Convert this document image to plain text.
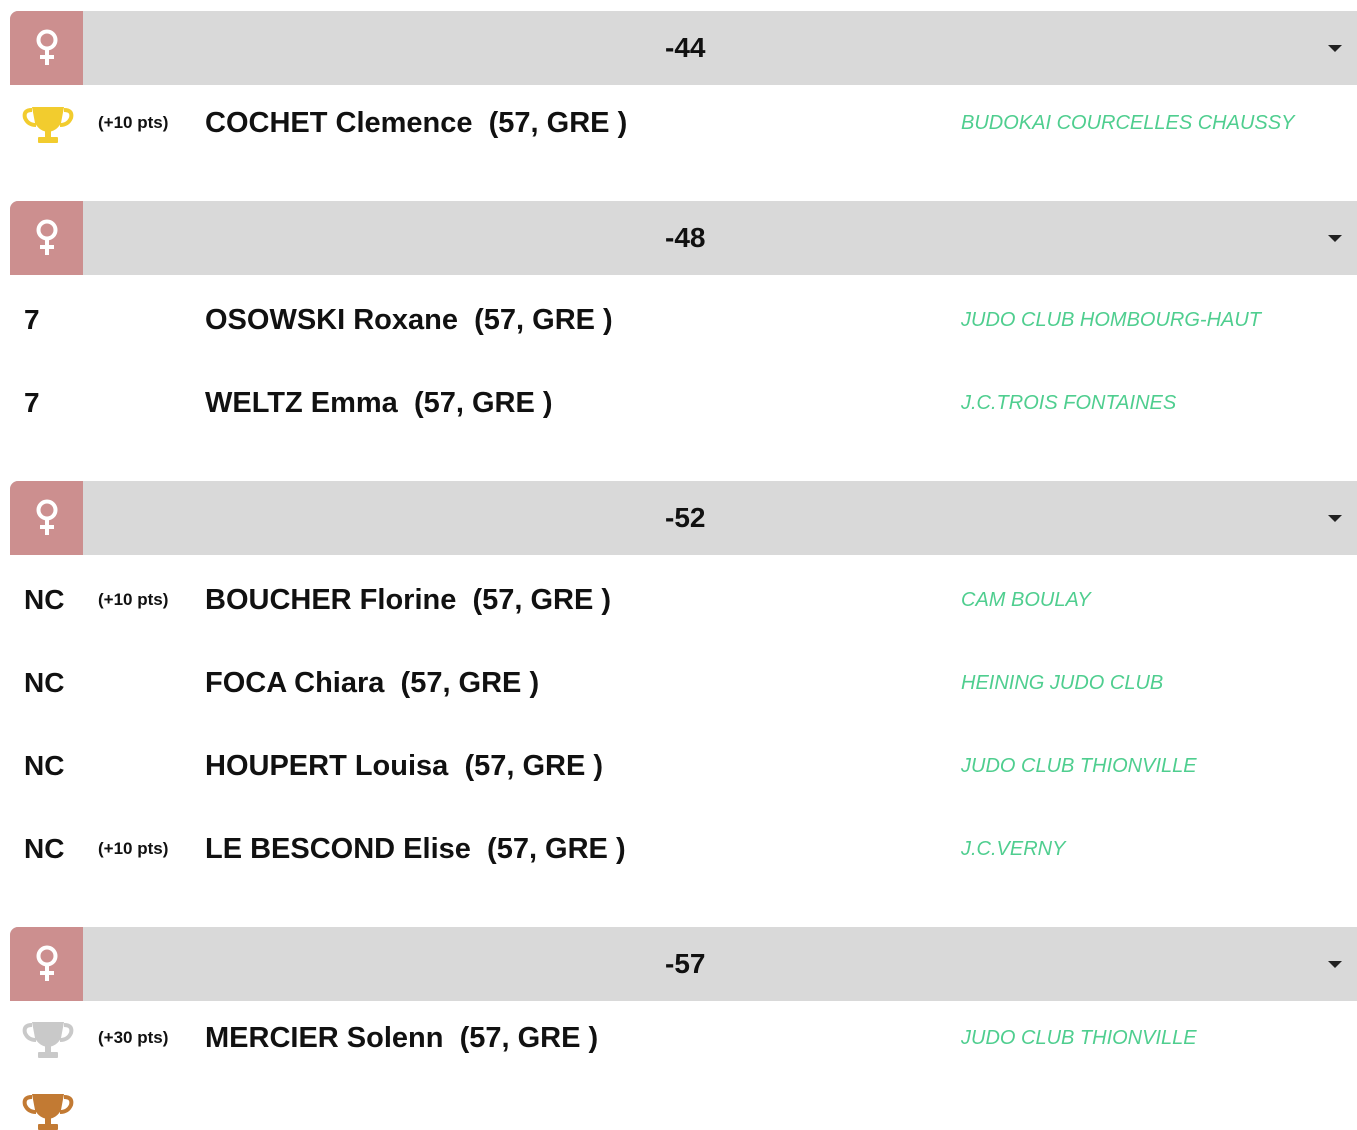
-44
(+10 pts) COCHET Clemence (57, GRE )	BUDOKAI COURCELLES CHAUSSY
-48
7	OSOWSKI Roxane (57, GRE )	JUDO CLUB HOMBOURG-HAUT
7	WELTZ Emma (57, GRE )	J.C.TROIS FONTAINES
-52
NC (+10 pts) BOUCHER Florine (57, GRE )	CAM BOULAY
NC	FOCA Chiara (57, GRE )	HEINING JUDO CLUB
NC	HOUPERT Louisa (57, GRE )	JUDO CLUB THIONVILLE
NC (+10 pts) LE BESCOND Elise (57, GRE )	J.C.VERNY
-57
(+30 pts) MERCIER Solenn (57, GRE )	JUDO CLUB THIONVILLE
